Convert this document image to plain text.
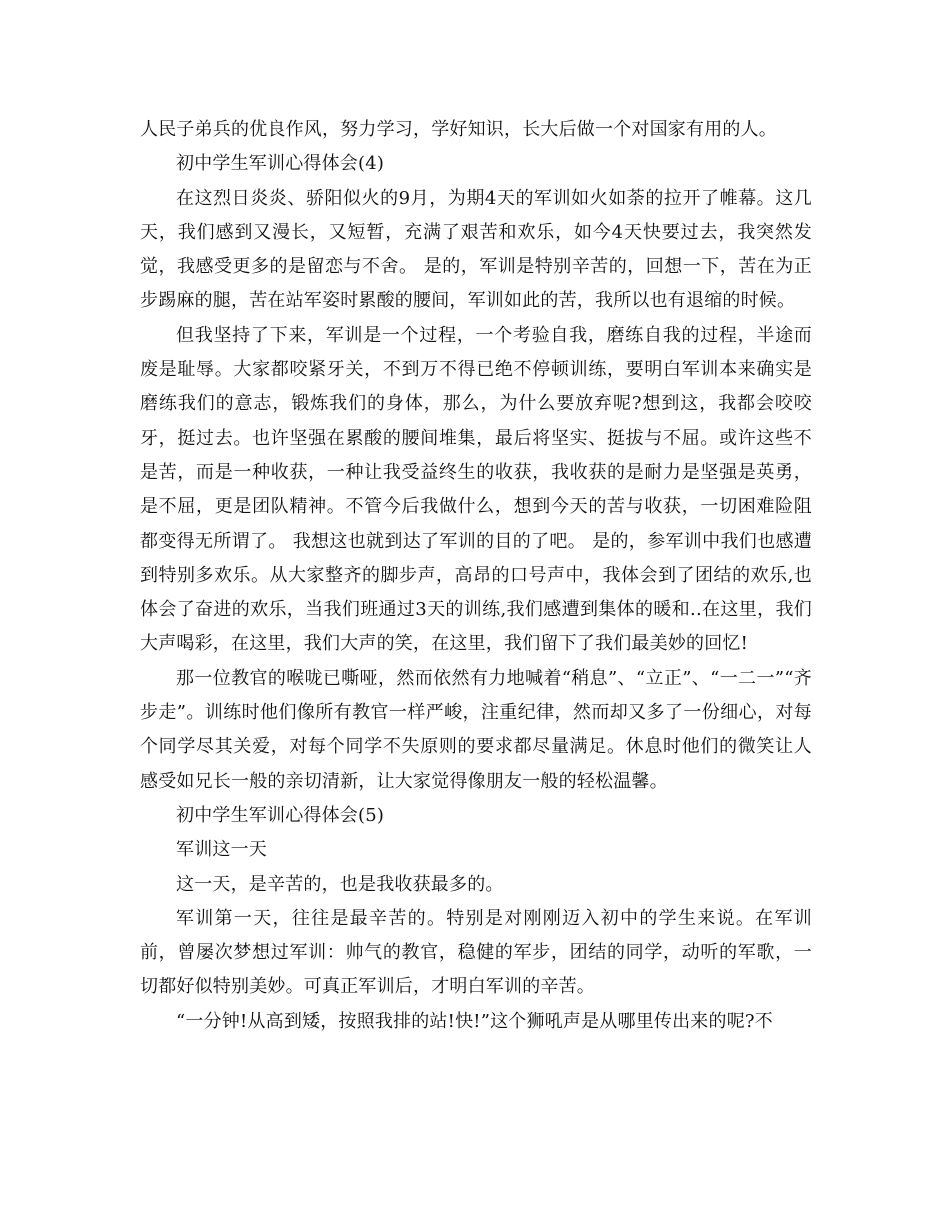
人民子弟兵的优良作风，努力学习，学好知识，长大后做一个对国家有用的人。

初中学生军训心得体会(4)

在这烈日炎炎、骄阳似火的9月，为期4天的军训如火如荼的拉开了帷幕。这几天，我们感到又漫长，又短暂，充满了艰苦和欢乐，如今4天快要过去，我突然发觉，我感受更多的是留恋与不舍。 是的，军训是特别辛苦的，回想一下，苦在为正步踢麻的腿，苦在站军姿时累酸的腰间，军训如此的苦，我所以也有退缩的时候。

但我坚持了下来，军训是一个过程，一个考验自我，磨练自我的过程，半途而废是耻辱。大家都咬紧牙关，不到万不得已绝不停顿训练，要明白军训本来确实是磨练我们的意志，锻炼我们的身体，那么，为什么要放弃呢?想到这，我都会咬咬牙，挺过去。也许坚强在累酸的腰间堆集，最后将坚实、挺拔与不屈。或许这些不是苦，而是一种收获，一种让我受益终生的收获，我收获的是耐力是坚强是英勇，是不屈，更是团队精神。不管今后我做什么，想到今天的苦与收获，一切困难险阻都变得无所谓了。 我想这也就到达了军训的目的了吧。 是的，参军训中我们也感遭到特别多欢乐。从大家整齐的脚步声，高昂的口号声中，我体会到了团结的欢乐,也体会了奋进的欢乐，当我们班通过3天的训练,我们感遭到集体的暖和..在这里，我们大声喝彩，在这里，我们大声的笑，在这里，我们留下了我们最美妙的回忆!

那一位教官的喉咙已嘶哑，然而依然有力地喊着“稍息”、“立正”、“一二一”“齐步走”。训练时他们像所有教官一样严峻，注重纪律，然而却又多了一份细心，对每个同学尽其关爱，对每个同学不失原则的要求都尽量满足。休息时他们的微笑让人感受如兄长一般的亲切清新，让大家觉得像朋友一般的轻松温馨。

初中学生军训心得体会(5)

军训这一天

这一天，是辛苦的，也是我收获最多的。

军训第一天，往往是最辛苦的。特别是对刚刚迈入初中的学生来说。在军训前，曾屡次梦想过军训：帅气的教官，稳健的军步，团结的同学，动听的军歌，一切都好似特别美妙。可真正军训后，才明白军训的辛苦。

“一分钟!从高到矮，按照我排的站!快!”这个狮吼声是从哪里传出来的呢?不
